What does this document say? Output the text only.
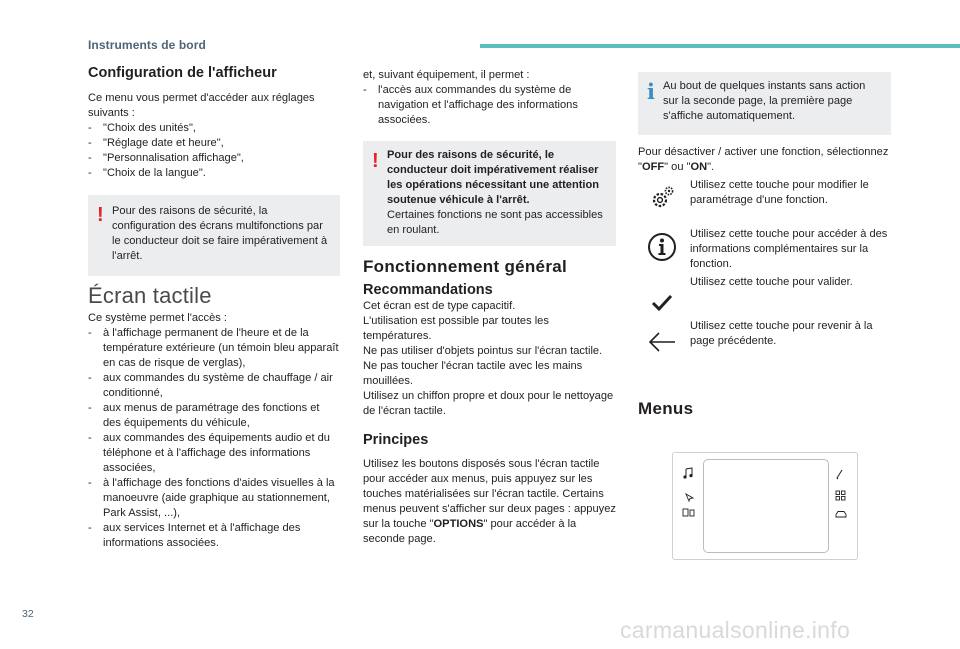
Instruments de bord
Configuration de l'afficheur

Ce menu vous permet d'accéder aux réglages suivants :

- "Choix des unités",
- "Réglage date et heure",
- "Personnalisation affichage",
- "Choix de la langue".
! Pour des raisons de sécurité, la configuration des écrans multifonctions par le conducteur doit se faire impérativement à l'arrêt.

Écran tactile

Ce système permet l'accès :

- à l'affichage permanent de l'heure et de la température extérieure (un témoin bleu apparaît en cas de risque de verglas),
- aux commandes du système de chauffage / air conditionné,
- aux menus de paramétrage des fonctions et des équipements du véhicule,
- aux commandes des équipements audio et du téléphone et à l'affichage des informations associées,
- à l'affichage des fonctions d'aides visuelles à la manoeuvre (aide graphique au stationnement, Park Assist, ...),
- aux services Internet et à l'affichage des informations associées.

et, suivant équipement, il permet :

- l'accès aux commandes du système de navigation et l'affichage des informations associées.
! Pour des raisons de sécurité, le conducteur doit impérativement réaliser les opérations nécessitant une attention soutenue véhicule à l'arrêt.

Certaines fonctions ne sont pas accessibles en roulant.

Fonctionnement général
Recommandations

Cet écran est de type capacitif.

L'utilisation est possible par toutes les températures.

Ne pas utiliser d'objets pointus sur l'écran tactile.

Ne pas toucher l'écran tactile avec les mains mouillées.

Utilisez un chiffon propre et doux pour le nettoyage de l'écran tactile.

Principes

Utilisez les boutons disposés sous l'écran tactile pour accéder aux menus, puis appuyez sur les touches matérialisées sur l'écran tactile. Certains menus peuvent s'afficher sur deux pages : appuyez sur la touche "OPTIONS" pour accéder à la seconde page.

i Au bout de quelques instants sans action sur la seconde page, la première page s'affiche automatiquement.

Pour désactiver / activer une fonction, sélectionnez "OFF" ou "ON".

Utilisez cette touche pour modifier le paramétrage d'une fonction.

Utilisez cette touche pour accéder à des informations complémentaires sur la fonction.

Utilisez cette touche pour valider.

Utilisez cette touche pour revenir à la page précédente.

Menus
32
carmanualsonline.info
